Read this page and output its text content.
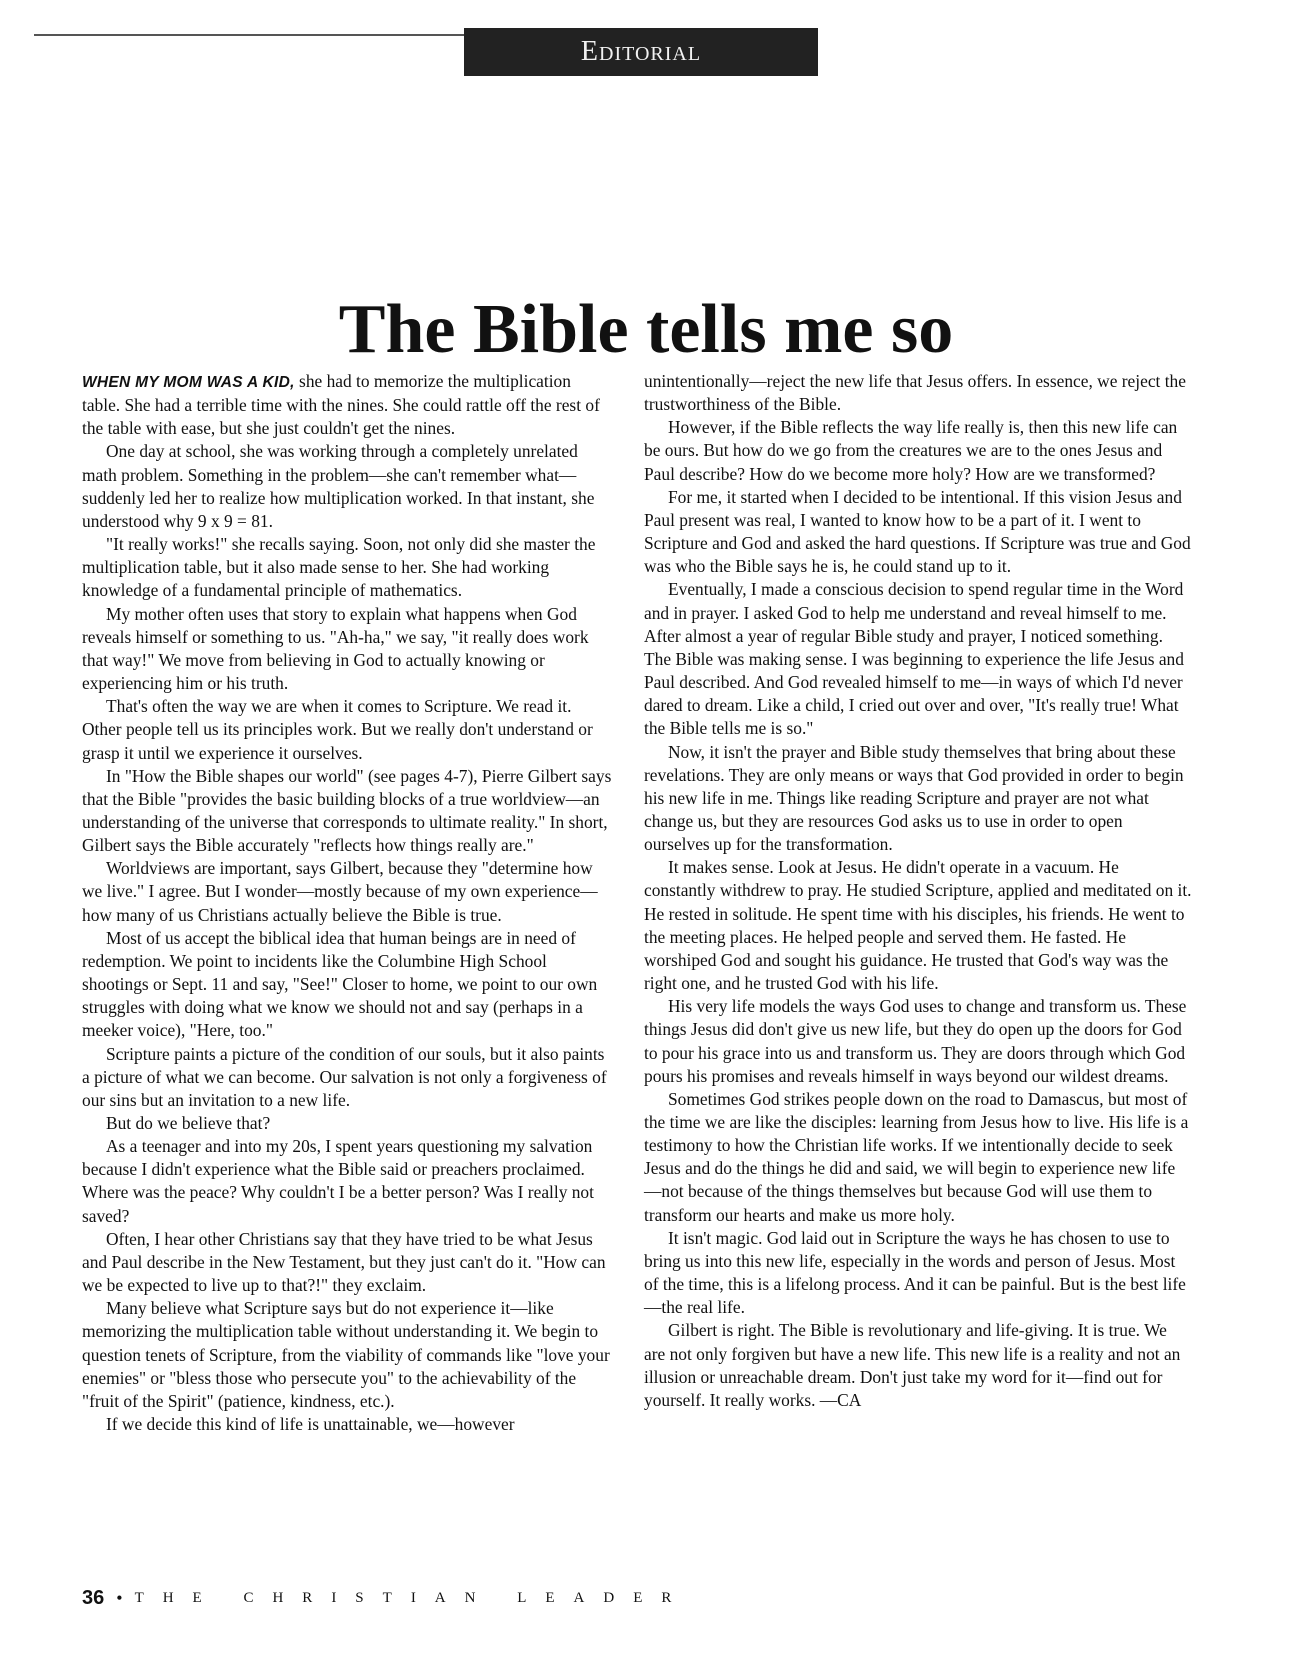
Editorial
The Bible tells me so

WHEN MY MOM WAS A KID, she had to memorize the multiplication table. She had a terrible time with the nines. She could rattle off the rest of the table with ease, but she just couldn't get the nines.

One day at school, she was working through a completely unrelated math problem. Something in the problem—she can't remember what—suddenly led her to realize how multiplication worked. In that instant, she understood why 9 x 9 = 81.

"It really works!" she recalls saying. Soon, not only did she master the multiplication table, but it also made sense to her. She had working knowledge of a fundamental principle of mathematics.

My mother often uses that story to explain what happens when God reveals himself or something to us. "Ah-ha," we say, "it really does work that way!" We move from believing in God to actually knowing or experiencing him or his truth.

That's often the way we are when it comes to Scripture. We read it. Other people tell us its principles work. But we really don't understand or grasp it until we experience it ourselves.

In "How the Bible shapes our world" (see pages 4-7), Pierre Gilbert says that the Bible "provides the basic building blocks of a true worldview—an understanding of the universe that corresponds to ultimate reality." In short, Gilbert says the Bible accurately "reflects how things really are."

Worldviews are important, says Gilbert, because they "determine how we live." I agree. But I wonder—mostly because of my own experience—how many of us Christians actually believe the Bible is true.

Most of us accept the biblical idea that human beings are in need of redemption. We point to incidents like the Columbine High School shootings or Sept. 11 and say, "See!" Closer to home, we point to our own struggles with doing what we know we should not and say (perhaps in a meeker voice), "Here, too."

Scripture paints a picture of the condition of our souls, but it also paints a picture of what we can become. Our salvation is not only a forgiveness of our sins but an invitation to a new life.

But do we believe that?

As a teenager and into my 20s, I spent years questioning my salvation because I didn't experience what the Bible said or preachers proclaimed. Where was the peace? Why couldn't I be a better person? Was I really not saved?

Often, I hear other Christians say that they have tried to be what Jesus and Paul describe in the New Testament, but they just can't do it. "How can we be expected to live up to that?!" they exclaim.

Many believe what Scripture says but do not experience it—like memorizing the multiplication table without understanding it. We begin to question tenets of Scripture, from the viability of commands like "love your enemies" or "bless those who persecute you" to the achievability of the "fruit of the Spirit" (patience, kindness, etc.).

If we decide this kind of life is unattainable, we—however

unintentionally—reject the new life that Jesus offers. In essence, we reject the trustworthiness of the Bible.

However, if the Bible reflects the way life really is, then this new life can be ours. But how do we go from the creatures we are to the ones Jesus and Paul describe? How do we become more holy? How are we transformed?

For me, it started when I decided to be intentional. If this vision Jesus and Paul present was real, I wanted to know how to be a part of it. I went to Scripture and God and asked the hard questions. If Scripture was true and God was who the Bible says he is, he could stand up to it.

Eventually, I made a conscious decision to spend regular time in the Word and in prayer. I asked God to help me understand and reveal himself to me. After almost a year of regular Bible study and prayer, I noticed something. The Bible was making sense. I was beginning to experience the life Jesus and Paul described. And God revealed himself to me—in ways of which I'd never dared to dream. Like a child, I cried out over and over, "It's really true! What the Bible tells me is so."

Now, it isn't the prayer and Bible study themselves that bring about these revelations. They are only means or ways that God provided in order to begin his new life in me. Things like reading Scripture and prayer are not what change us, but they are resources God asks us to use in order to open ourselves up for the transformation.

It makes sense. Look at Jesus. He didn't operate in a vacuum. He constantly withdrew to pray. He studied Scripture, applied and meditated on it. He rested in solitude. He spent time with his disciples, his friends. He went to the meeting places. He helped people and served them. He fasted. He worshiped God and sought his guidance. He trusted that God's way was the right one, and he trusted God with his life.

His very life models the ways God uses to change and transform us. These things Jesus did don't give us new life, but they do open up the doors for God to pour his grace into us and transform us. They are doors through which God pours his promises and reveals himself in ways beyond our wildest dreams.

Sometimes God strikes people down on the road to Damascus, but most of the time we are like the disciples: learning from Jesus how to live. His life is a testimony to how the Christian life works. If we intentionally decide to seek Jesus and do the things he did and said, we will begin to experience new life—not because of the things themselves but because God will use them to transform our hearts and make us more holy.

It isn't magic. God laid out in Scripture the ways he has chosen to use to bring us into this new life, especially in the words and person of Jesus. Most of the time, this is a lifelong process. And it can be painful. But is the best life—the real life.

Gilbert is right. The Bible is revolutionary and life-giving. It is true. We are not only forgiven but have a new life. This new life is a reality and not an illusion or unreachable dream. Don't just take my word for it—find out for yourself. It really works. —CA

36 • THE CHRISTIAN LEADER
